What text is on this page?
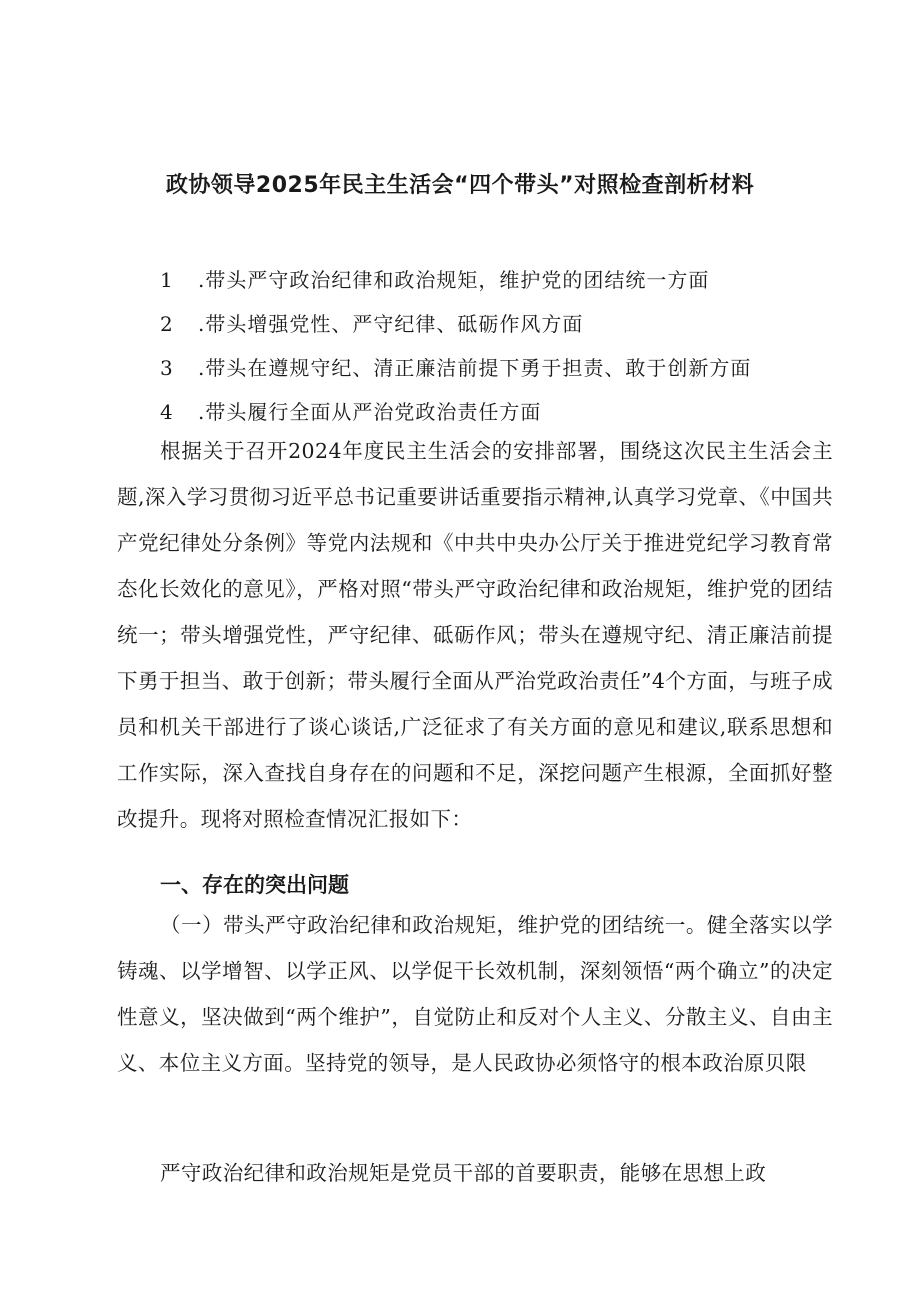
政协领导2025年民主生活会“四个带头”对照检查剖析材料
1 .带头严守政治纪律和政治规矩，维护党的团结统一方面
2 .带头增强党性、严守纪律、砥砺作风方面
3 .带头在遵规守纪、清正廉洁前提下勇于担责、敢于创新方面
4 .带头履行全面从严治党政治责任方面

根据关于召开2024年度民主生活会的安排部署，围绕这次民主生活会主题,深入学习贯彻习近平总书记重要讲话重要指示精神,认真学习党章、《中国共产党纪律处分条例》等党内法规和《中共中央办公厅关于推进党纪学习教育常态化长效化的意见》，严格对照“带头严守政治纪律和政治规矩，维护党的团结统一；带头增强党性，严守纪律、砥砺作风；带头在遵规守纪、清正廉洁前提下勇于担当、敢于创新；带头履行全面从严治党政治责任”4个方面，与班子成员和机关干部进行了谈心谈话,广泛征求了有关方面的意见和建议,联系思想和工作实际，深入查找自身存在的问题和不足，深挖问题产生根源，全面抓好整改提升。现将对照检查情况汇报如下：

一、存在的突出问题

（一）带头严守政治纪律和政治规矩，维护党的团结统一。健全落实以学铸魂、以学增智、以学正风、以学促干长效机制，深刻领悟“两个确立”的决定性意义，坚决做到“两个维护”，自觉防止和反对个人主义、分散主义、自由主义、本位主义方面。坚持党的领导，是人民政协必须恪守的根本政治原贝限

严守政治纪律和政治规矩是党员干部的首要职责，能够在思想上政
